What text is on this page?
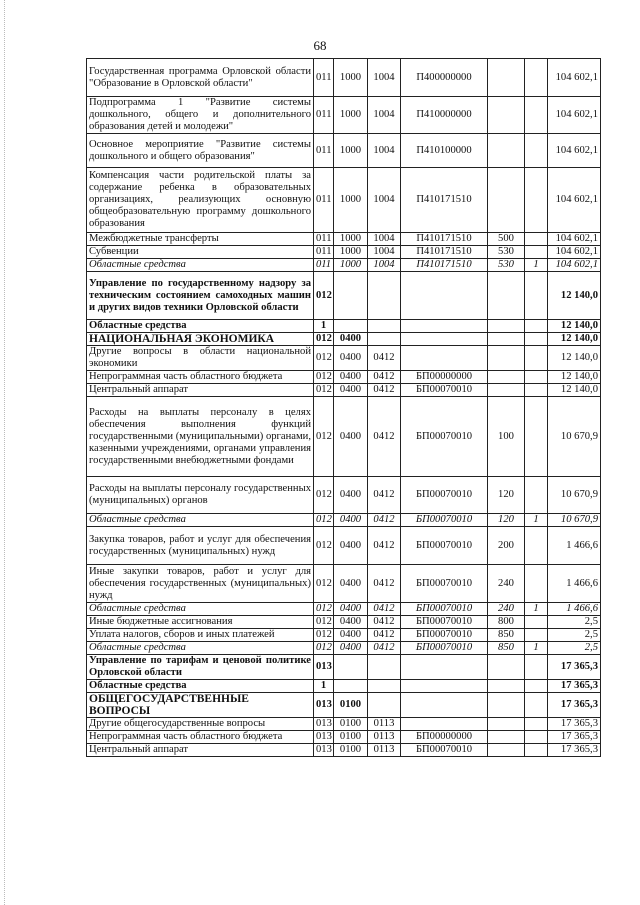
68
Государственная программа Орловской области "Образование в Орловской области"	011	1000	1004	П400000000			104 602,1
Подпрограмма 1 "Развитие системы дошкольного, общего и дополнительного образования детей и молодежи"	011	1000	1004	П410000000			104 602,1
Основное мероприятие "Развитие системы дошкольного и общего образования"	011	1000	1004	П410100000			104 602,1
Компенсация части родительской платы за содержание ребенка в образовательных организациях, реализующих основную общеобразовательную программу дошкольного образования	011	1000	1004	П410171510			104 602,1
Межбюджетные трансферты	011	1000	1004	П410171510	500		104 602,1
Субвенции	011	1000	1004	П410171510	530		104 602,1
Областные средства	011	1000	1004	П410171510	530	1	104 602,1
Управление по государственному надзору за техническим состоянием самоходных машин и других видов техники Орловской области	012						12 140,0
Областные средства	1						12 140,0
НАЦИОНАЛЬНАЯ ЭКОНОМИКА	012	0400					12 140,0
Другие вопросы в области национальной экономики	012	0400	0412				12 140,0
Непрограммная часть областного бюджета	012	0400	0412	БП00000000			12 140,0
Центральный аппарат	012	0400	0412	БП00070010			12 140,0
Расходы на выплаты персоналу в целях обеспечения выполнения функций государственными (муниципальными) органами, казенными учреждениями, органами управления государственными внебюджетными фондами	012	0400	0412	БП00070010	100		10 670,9
Расходы на выплаты персоналу государственных (муниципальных) органов	012	0400	0412	БП00070010	120		10 670,9
Областные средства	012	0400	0412	БП00070010	120	1	10 670,9
Закупка товаров, работ и услуг для обеспечения государственных (муниципальных) нужд	012	0400	0412	БП00070010	200		1 466,6
Иные закупки товаров, работ и услуг для обеспечения государственных (муниципальных) нужд	012	0400	0412	БП00070010	240		1 466,6
Областные средства	012	0400	0412	БП00070010	240	1	1 466,6
Иные бюджетные ассигнования	012	0400	0412	БП00070010	800		2,5
Уплата налогов, сборов и иных платежей	012	0400	0412	БП00070010	850		2,5
Областные средства	012	0400	0412	БП00070010	850	1	2,5
Управление по тарифам и ценовой политике Орловской области	013						17 365,3
Областные средства	1						17 365,3
ОБЩЕГОСУДАРСТВЕННЫЕ ВОПРОСЫ	013	0100					17 365,3
Другие общегосударственные вопросы	013	0100	0113				17 365,3
Непрограммная часть областного бюджета	013	0100	0113	БП00000000			17 365,3
Центральный аппарат	013	0100	0113	БП00070010			17 365,3
